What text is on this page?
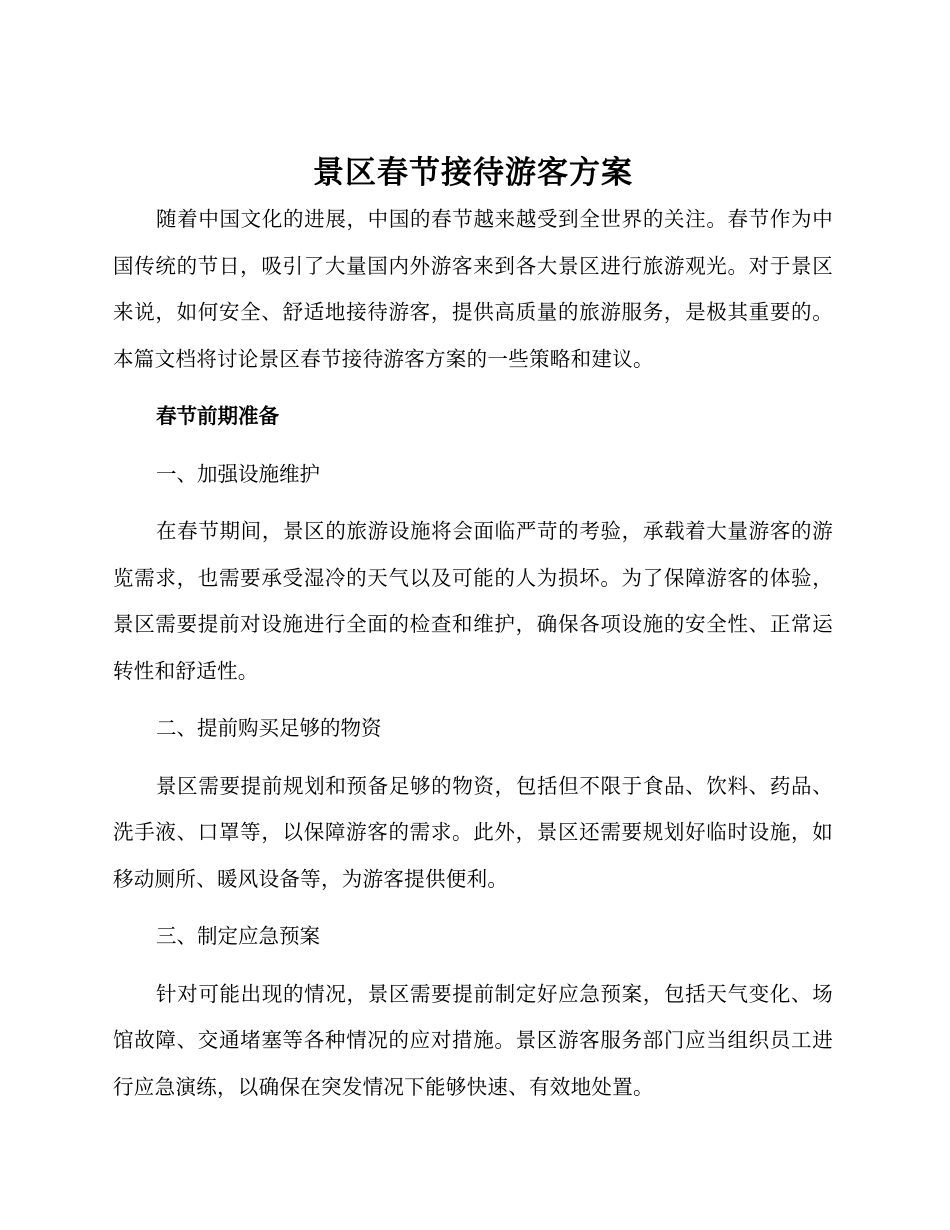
景区春节接待游客方案

随着中国文化的进展，中国的春节越来越受到全世界的关注。春节作为中国传统的节日，吸引了大量国内外游客来到各大景区进行旅游观光。对于景区来说，如何安全、舒适地接待游客，提供高质量的旅游服务，是极其重要的。本篇文档将讨论景区春节接待游客方案的一些策略和建议。

春节前期准备

一、加强设施维护

在春节期间，景区的旅游设施将会面临严苛的考验，承载着大量游客的游览需求，也需要承受湿冷的天气以及可能的人为损坏。为了保障游客的体验，景区需要提前对设施进行全面的检查和维护，确保各项设施的安全性、正常运转性和舒适性。

二、提前购买足够的物资

景区需要提前规划和预备足够的物资，包括但不限于食品、饮料、药品、洗手液、口罩等，以保障游客的需求。此外，景区还需要规划好临时设施，如移动厕所、暖风设备等，为游客提供便利。

三、制定应急预案

针对可能出现的情况，景区需要提前制定好应急预案，包括天气变化、场馆故障、交通堵塞等各种情况的应对措施。景区游客服务部门应当组织员工进行应急演练，以确保在突发情况下能够快速、有效地处置。
